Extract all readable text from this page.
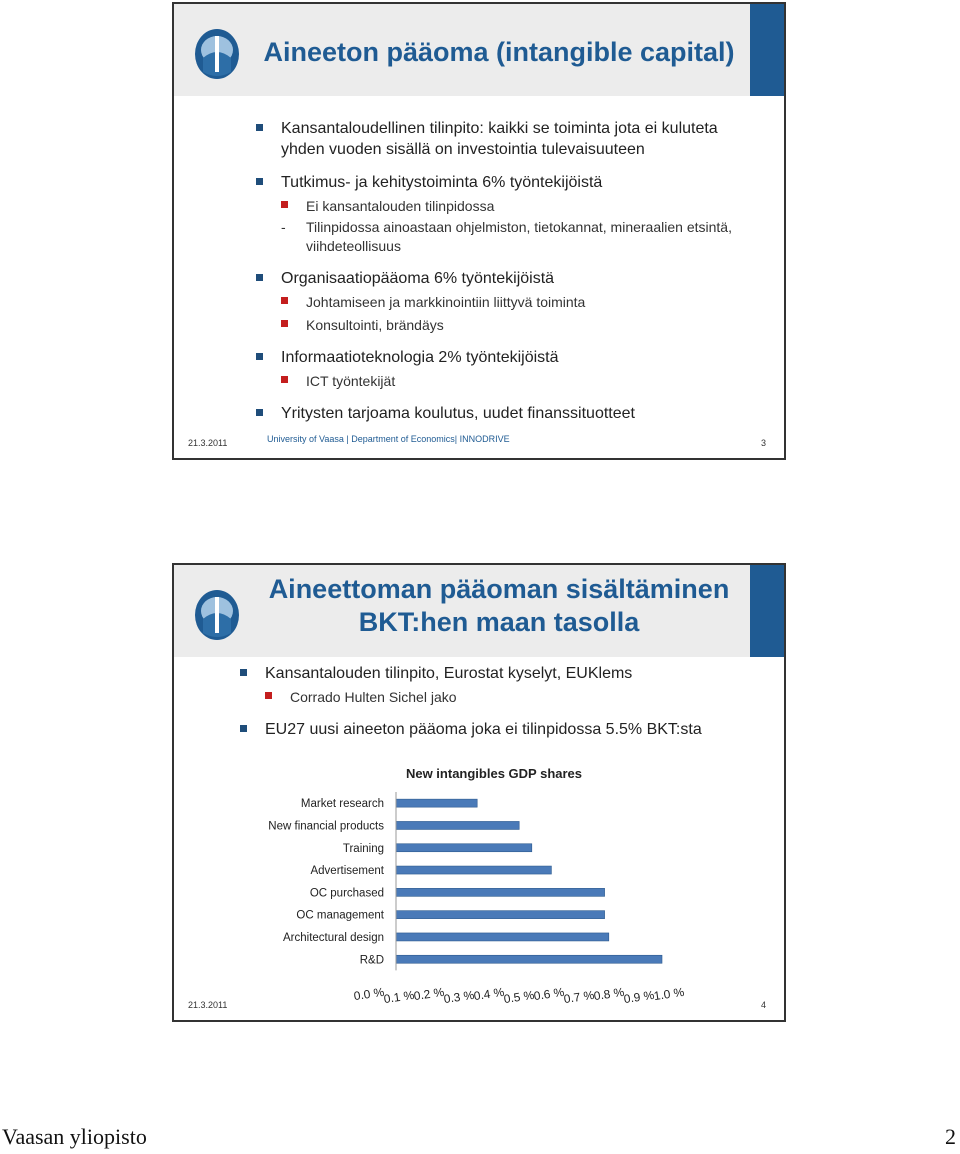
Aineeton pääoma (intangible capital)
Kansantaloudellinen tilinpito: kaikki se toiminta jota ei kuluteta yhden vuoden sisällä on investointia tulevaisuuteen
Tutkimus- ja kehitystoiminta 6% työntekijöistä
Ei kansantalouden tilinpidossa
- Tilinpidossa ainoastaan ohjelmiston, tietokannat, mineraalien etsintä, viihdeteollisuus
Organisaatiopääoma 6% työntekijöistä
Johtamiseen ja markkinointiin liittyvä toiminta
Konsultointi, brändäys
Informaatioteknologia 2% työntekijöistä
ICT työntekijät
Yritysten tarjoama koulutus, uudet finanssituotteet
21.3.2011	University of Vaasa | Department of Economics| INNODRIVE	3
Aineettoman pääoman sisältäminen
BKT:hen maan tasolla
Kansantalouden tilinpito, Eurostat kyselyt, EUKlems
Corrado Hulten Sichel jako
EU27 uusi aineeton pääoma joka ei tilinpidossa 5.5% BKT:sta
New intangibles GDP shares
Market research
New financial products
Training
Advertisement
OC purchased
OC management
Architectural design
R&D
0.0 %
0.1 %
0.2 %
0.3 %
0.4 %
0.5 %
0.6 %
0.7 %
0.8 %
0.9 %
1.0 %
21.3.2011	4
Vaasan yliopisto	2
